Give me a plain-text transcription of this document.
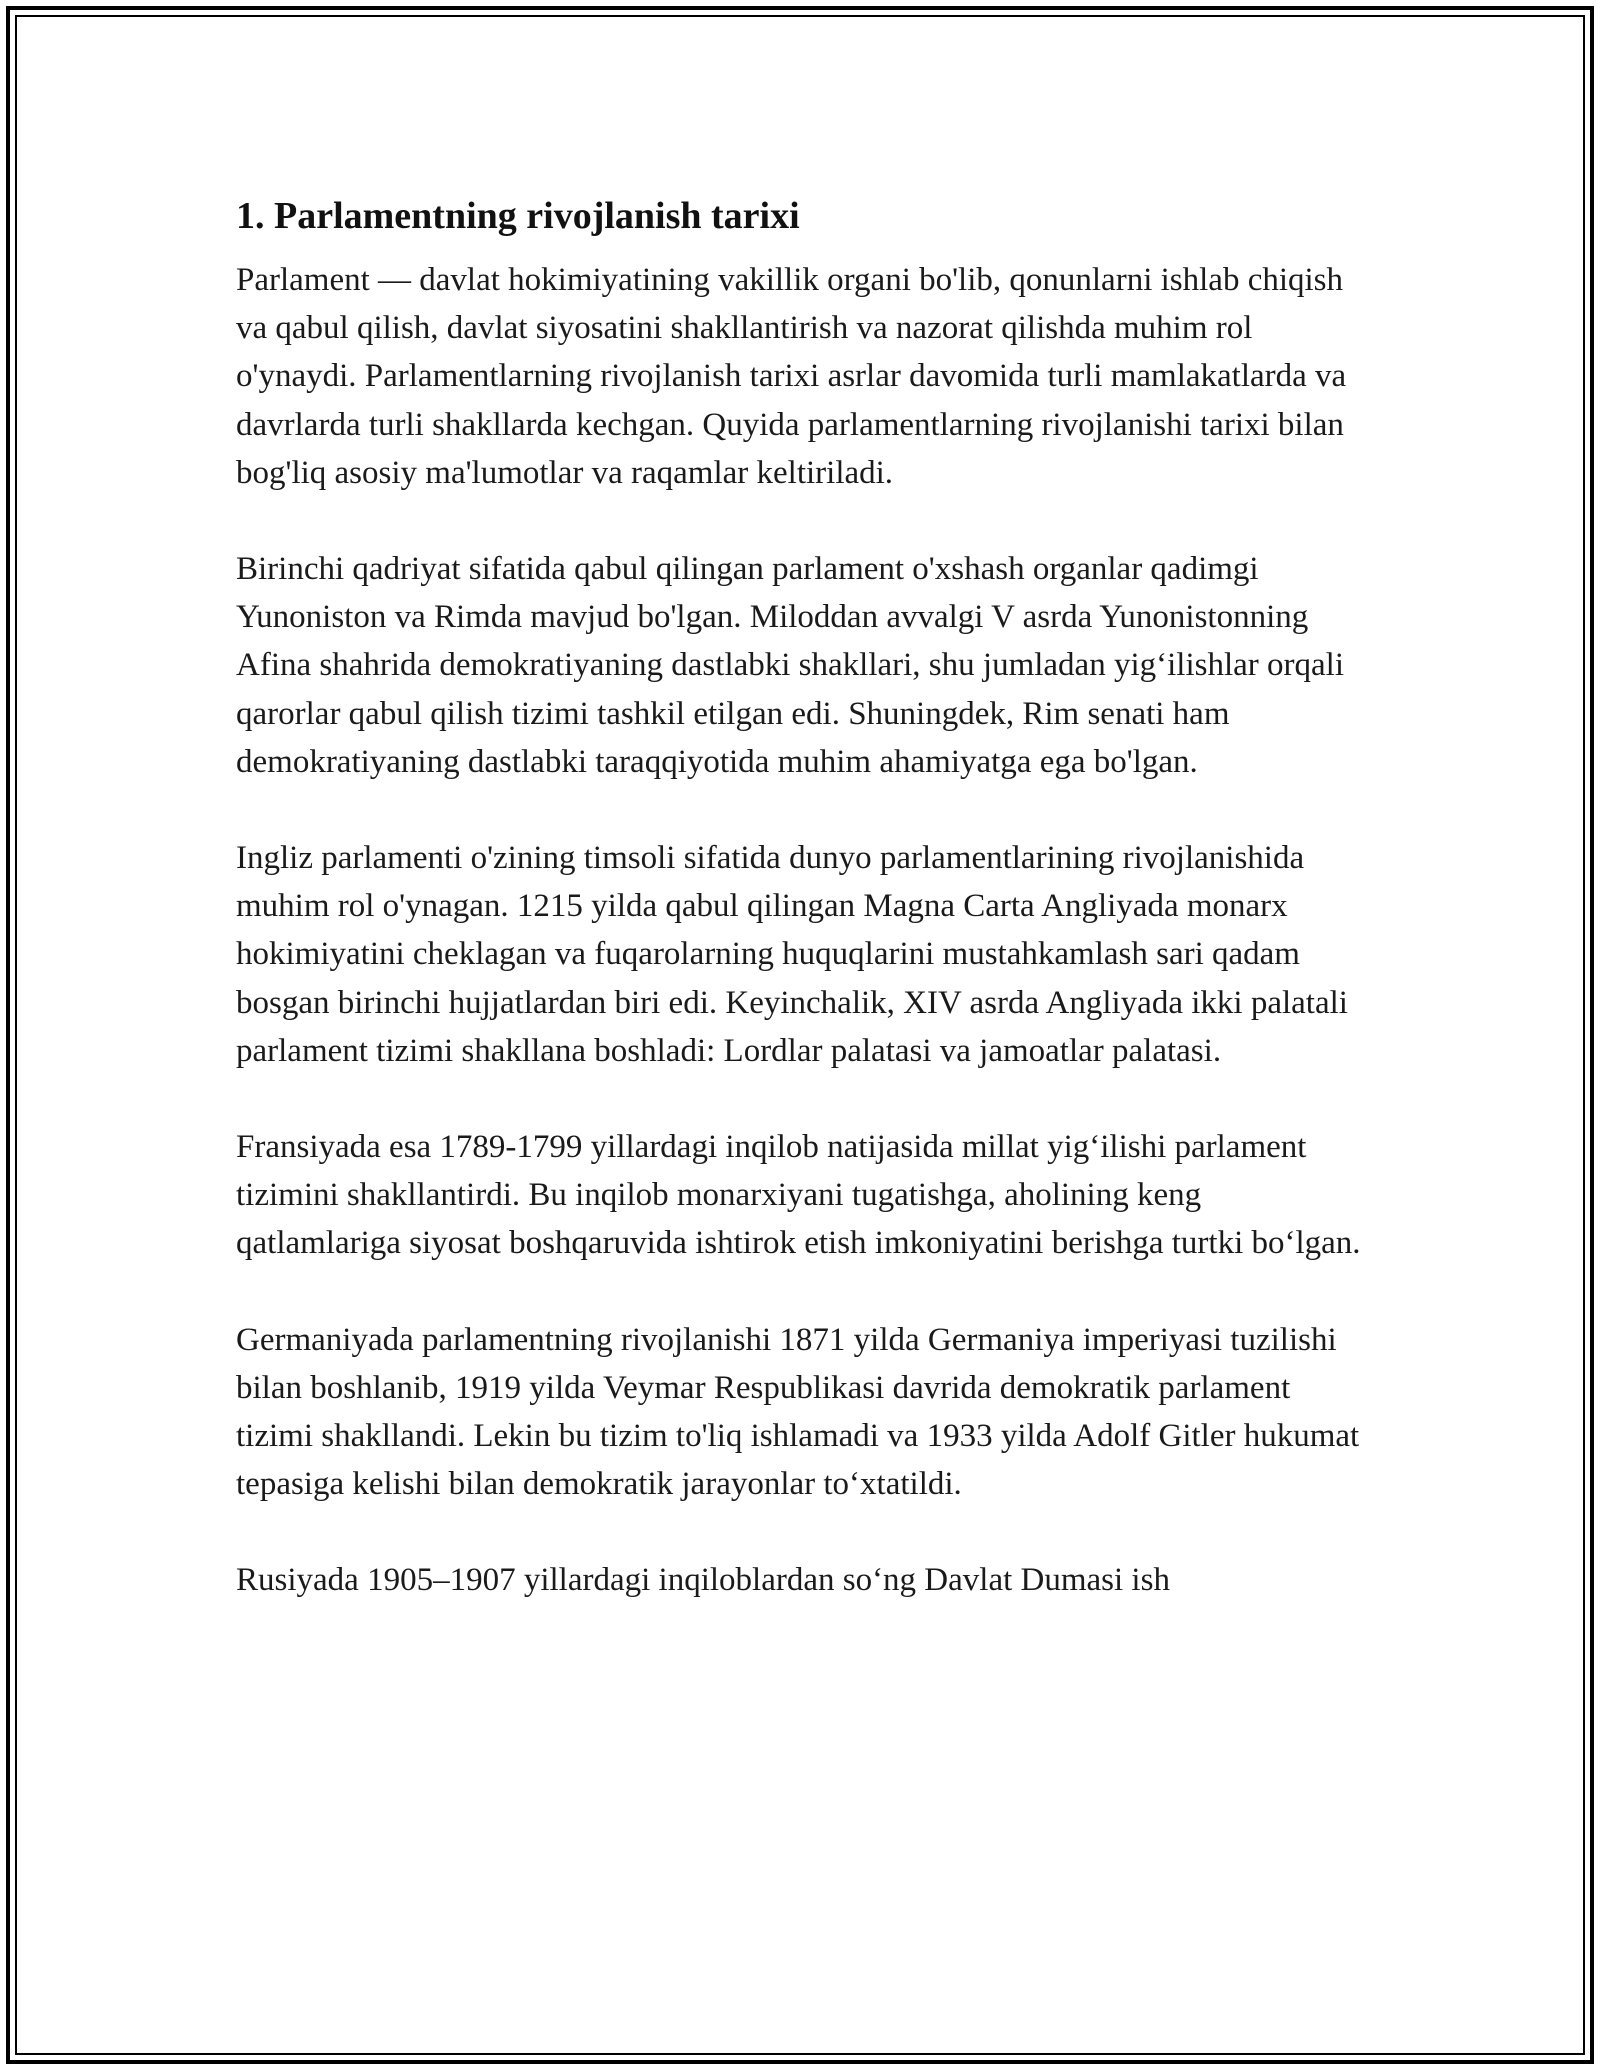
1. Parlamentning rivojlanish tarixi

Parlament — davlat hokimiyatining vakillik organi bo'lib, qonunlarni ishlab chiqish va qabul qilish, davlat siyosatini shakllantirish va nazorat qilishda muhim rol o'ynaydi. Parlamentlarning rivojlanish tarixi asrlar davomida turli mamlakatlarda va davrlarda turli shakllarda kechgan. Quyida parlamentlarning rivojlanishi tarixi bilan bog'liq asosiy ma'lumotlar va raqamlar keltiriladi.

Birinchi qadriyat sifatida qabul qilingan parlament o'xshash organlar qadimgi Yunoniston va Rimda mavjud bo'lgan. Miloddan avvalgi V asrda Yunonistonning Afina shahrida demokratiyaning dastlabki shakllari, shu jumladan yig‘ilishlar orqali qarorlar qabul qilish tizimi tashkil etilgan edi. Shuningdek, Rim senati ham demokratiyaning dastlabki taraqqiyotida muhim ahamiyatga ega bo'lgan.

Ingliz parlamenti o'zining timsoli sifatida dunyo parlamentlarining rivojlanishida muhim rol o'ynagan. 1215 yilda qabul qilingan Magna Carta Angliyada monarx hokimiyatini cheklagan va fuqarolarning huquqlarini mustahkamlash sari qadam bosgan birinchi hujjatlardan biri edi. Keyinchalik, XIV asrda Angliyada ikki palatali parlament tizimi shakllana boshladi: Lordlar palatasi va jamoatlar palatasi.

Fransiyada esa 1789-1799 yillardagi inqilob natijasida millat yig‘ilishi parlament tizimini shakllantirdi. Bu inqilob monarxiyani tugatishga, aholining keng qatlamlariga siyosat boshqaruvida ishtirok etish imkoniyatini berishga turtki bo‘lgan.

Germaniyada parlamentning rivojlanishi 1871 yilda Germaniya imperiyasi tuzilishi bilan boshlanib, 1919 yilda Veymar Respublikasi davrida demokratik parlament tizimi shakllandi. Lekin bu tizim to'liq ishlamadi va 1933 yilda Adolf Gitler hukumat tepasiga kelishi bilan demokratik jarayonlar to‘xtatildi.

Rusiyada 1905–1907 yillardagi inqiloblardan so‘ng Davlat Dumasi ish
